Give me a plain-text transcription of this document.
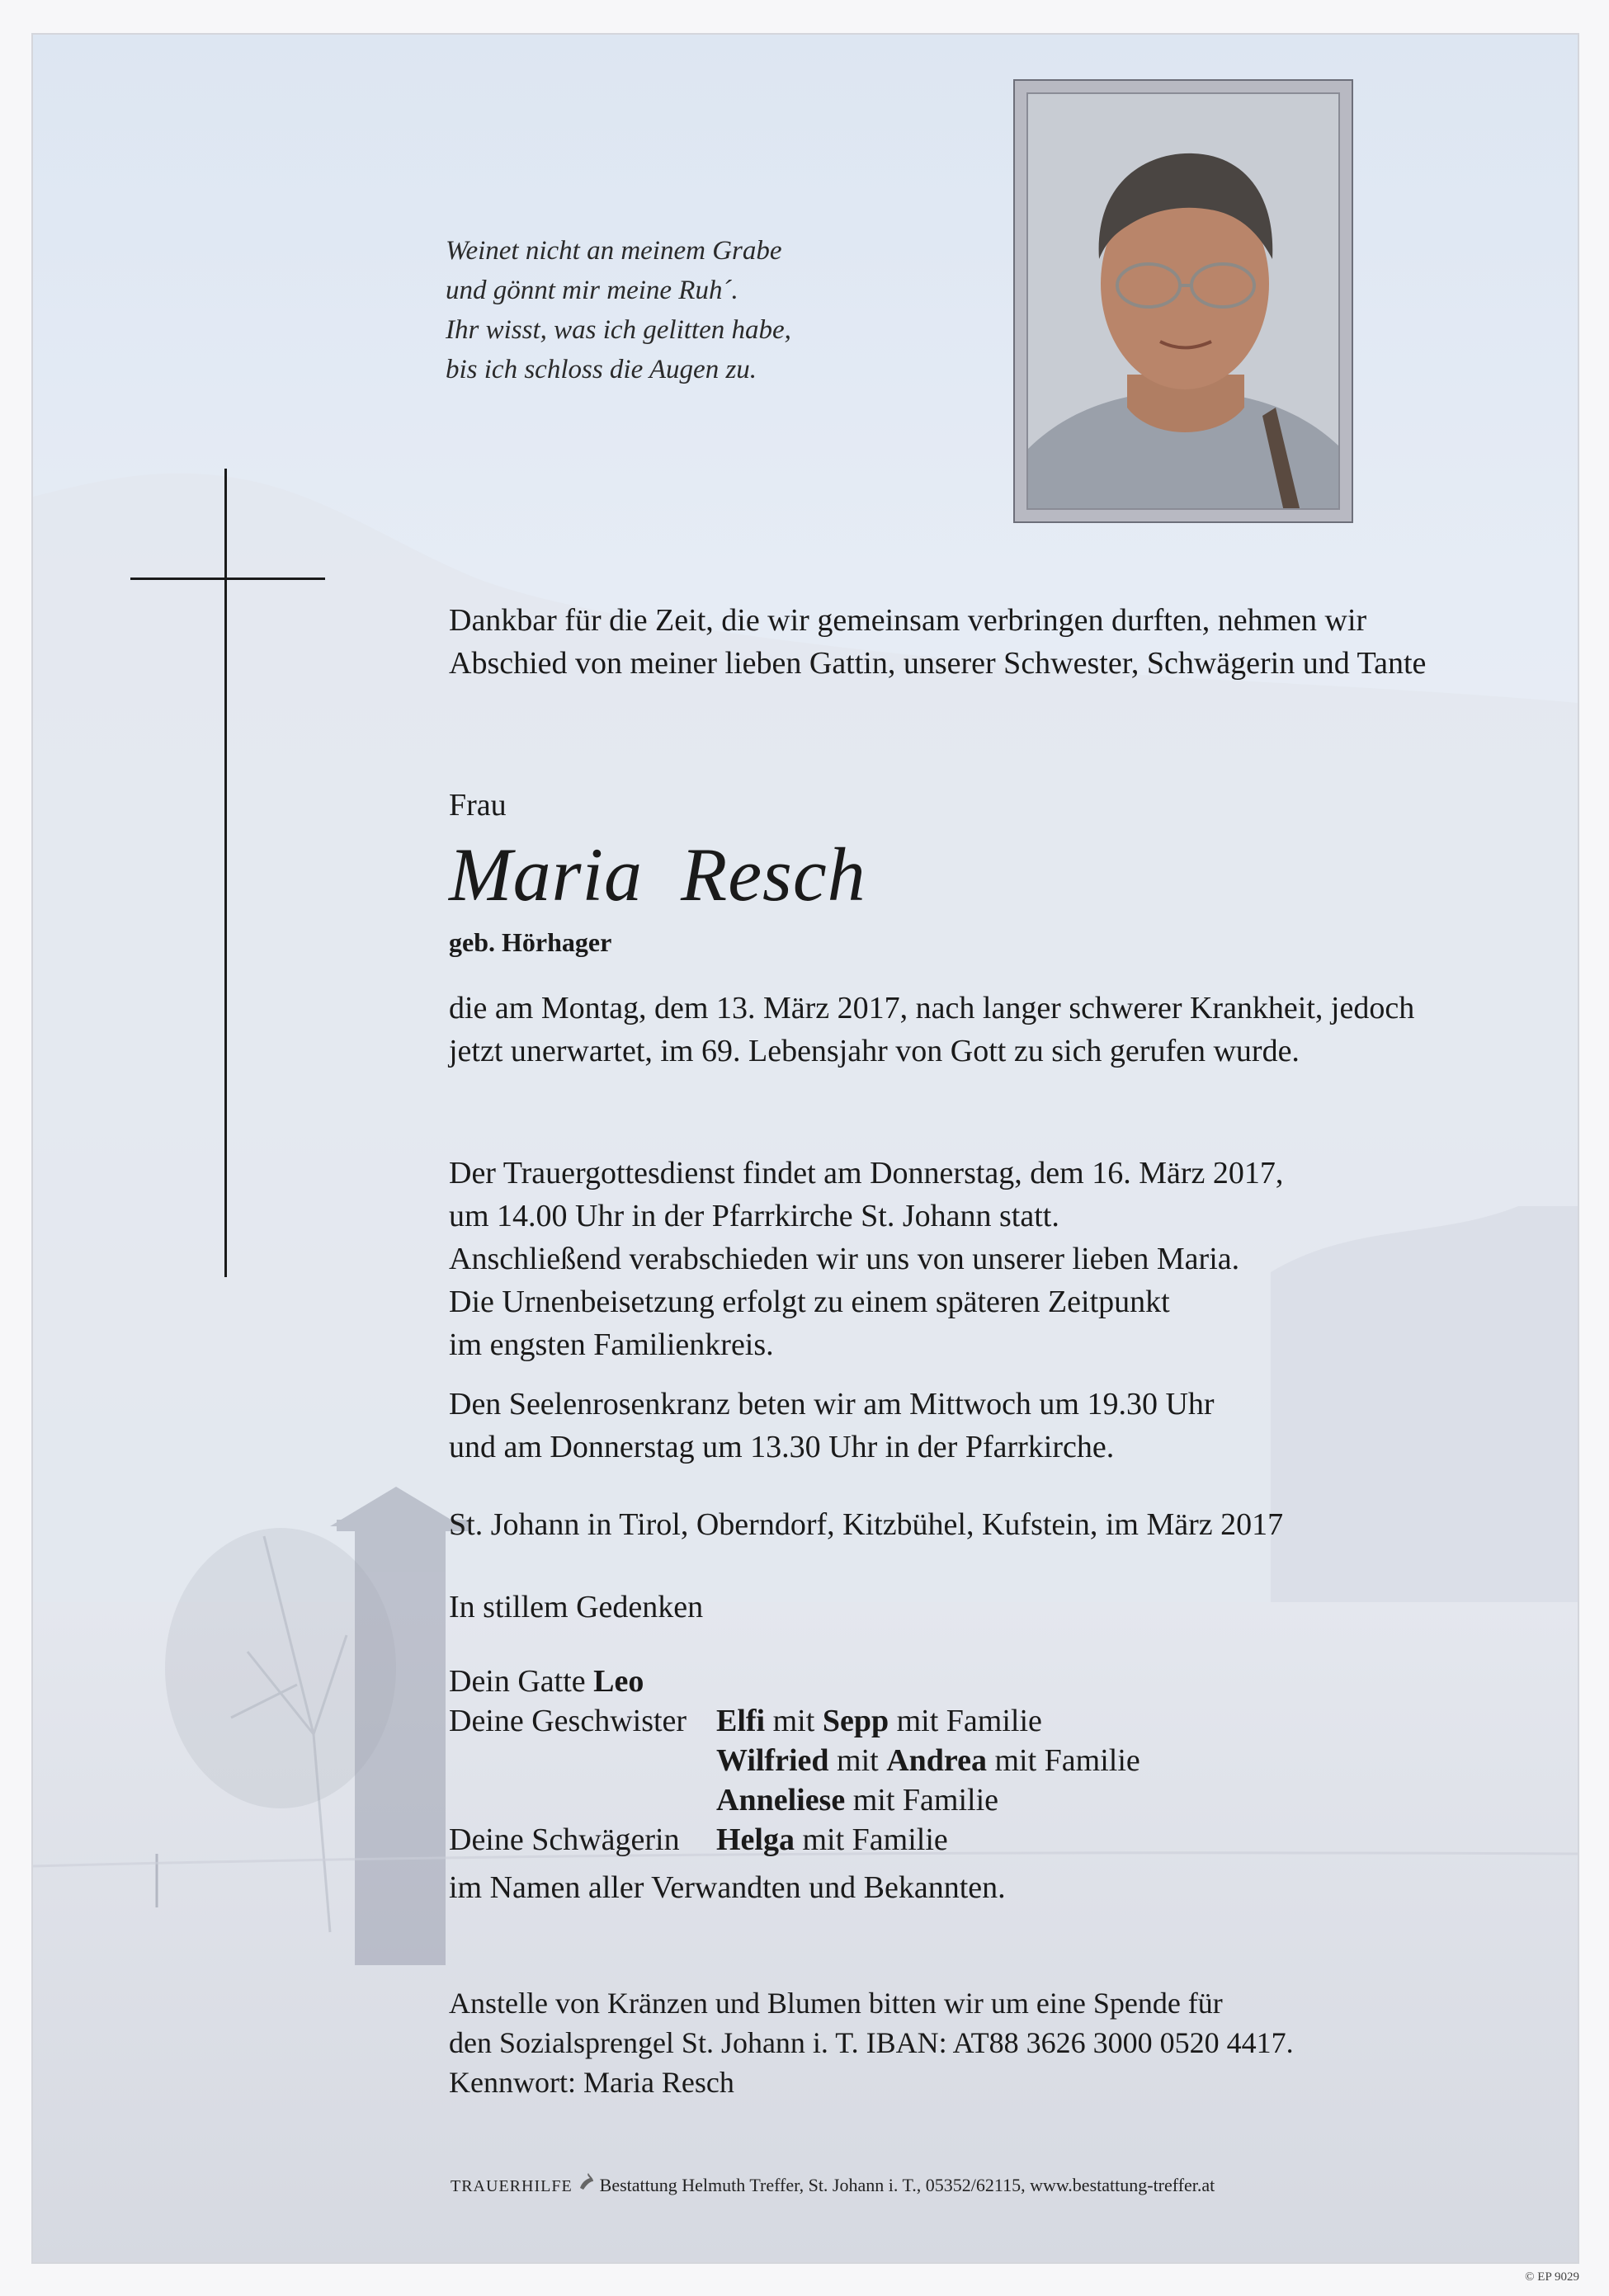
Weinet nicht an meinem Grabe
und gönnt mir meine Ruh´.
Ihr wisst, was ich gelitten habe,
bis ich schloss die Augen zu.
Dankbar für die Zeit, die wir gemeinsam verbringen durften, nehmen wir Abschied von meiner lieben Gattin, unserer Schwester, Schwägerin und Tante
Frau
Maria Resch
geb. Hörhager
die am Montag, dem 13. März 2017, nach langer schwerer Krankheit, jedoch jetzt unerwartet, im 69. Lebensjahr von Gott zu sich gerufen wurde.
Der Trauergottesdienst findet am Donnerstag, dem 16. März 2017,
um 14.00 Uhr in der Pfarrkirche St. Johann statt.
Anschließend verabschieden wir uns von unserer lieben Maria.
Die Urnenbeisetzung erfolgt zu einem späteren Zeitpunkt
im engsten Familienkreis.
Den Seelenrosenkranz beten wir am Mittwoch um 19.30 Uhr
und am Donnerstag um 13.30 Uhr in der Pfarrkirche.
St. Johann in Tirol, Oberndorf, Kitzbühel, Kufstein, im März 2017
In stillem Gedenken
Dein Gatte Leo
Deine Geschwister Elfi mit Sepp mit Familie
Wilfried mit Andrea mit Familie
Anneliese mit Familie
Deine Schwägerin Helga mit Familie
im Namen aller Verwandten und Bekannten.
Anstelle von Kränzen und Blumen bitten wir um eine Spende für
den Sozialsprengel St. Johann i. T. IBAN: AT88 3626 3000 0520 4417.
Kennwort: Maria Resch
TRAUERHILFE Bestattung Helmuth Treffer, St. Johann i. T., 05352/62115, www.bestattung-treffer.at
© EP 9029
